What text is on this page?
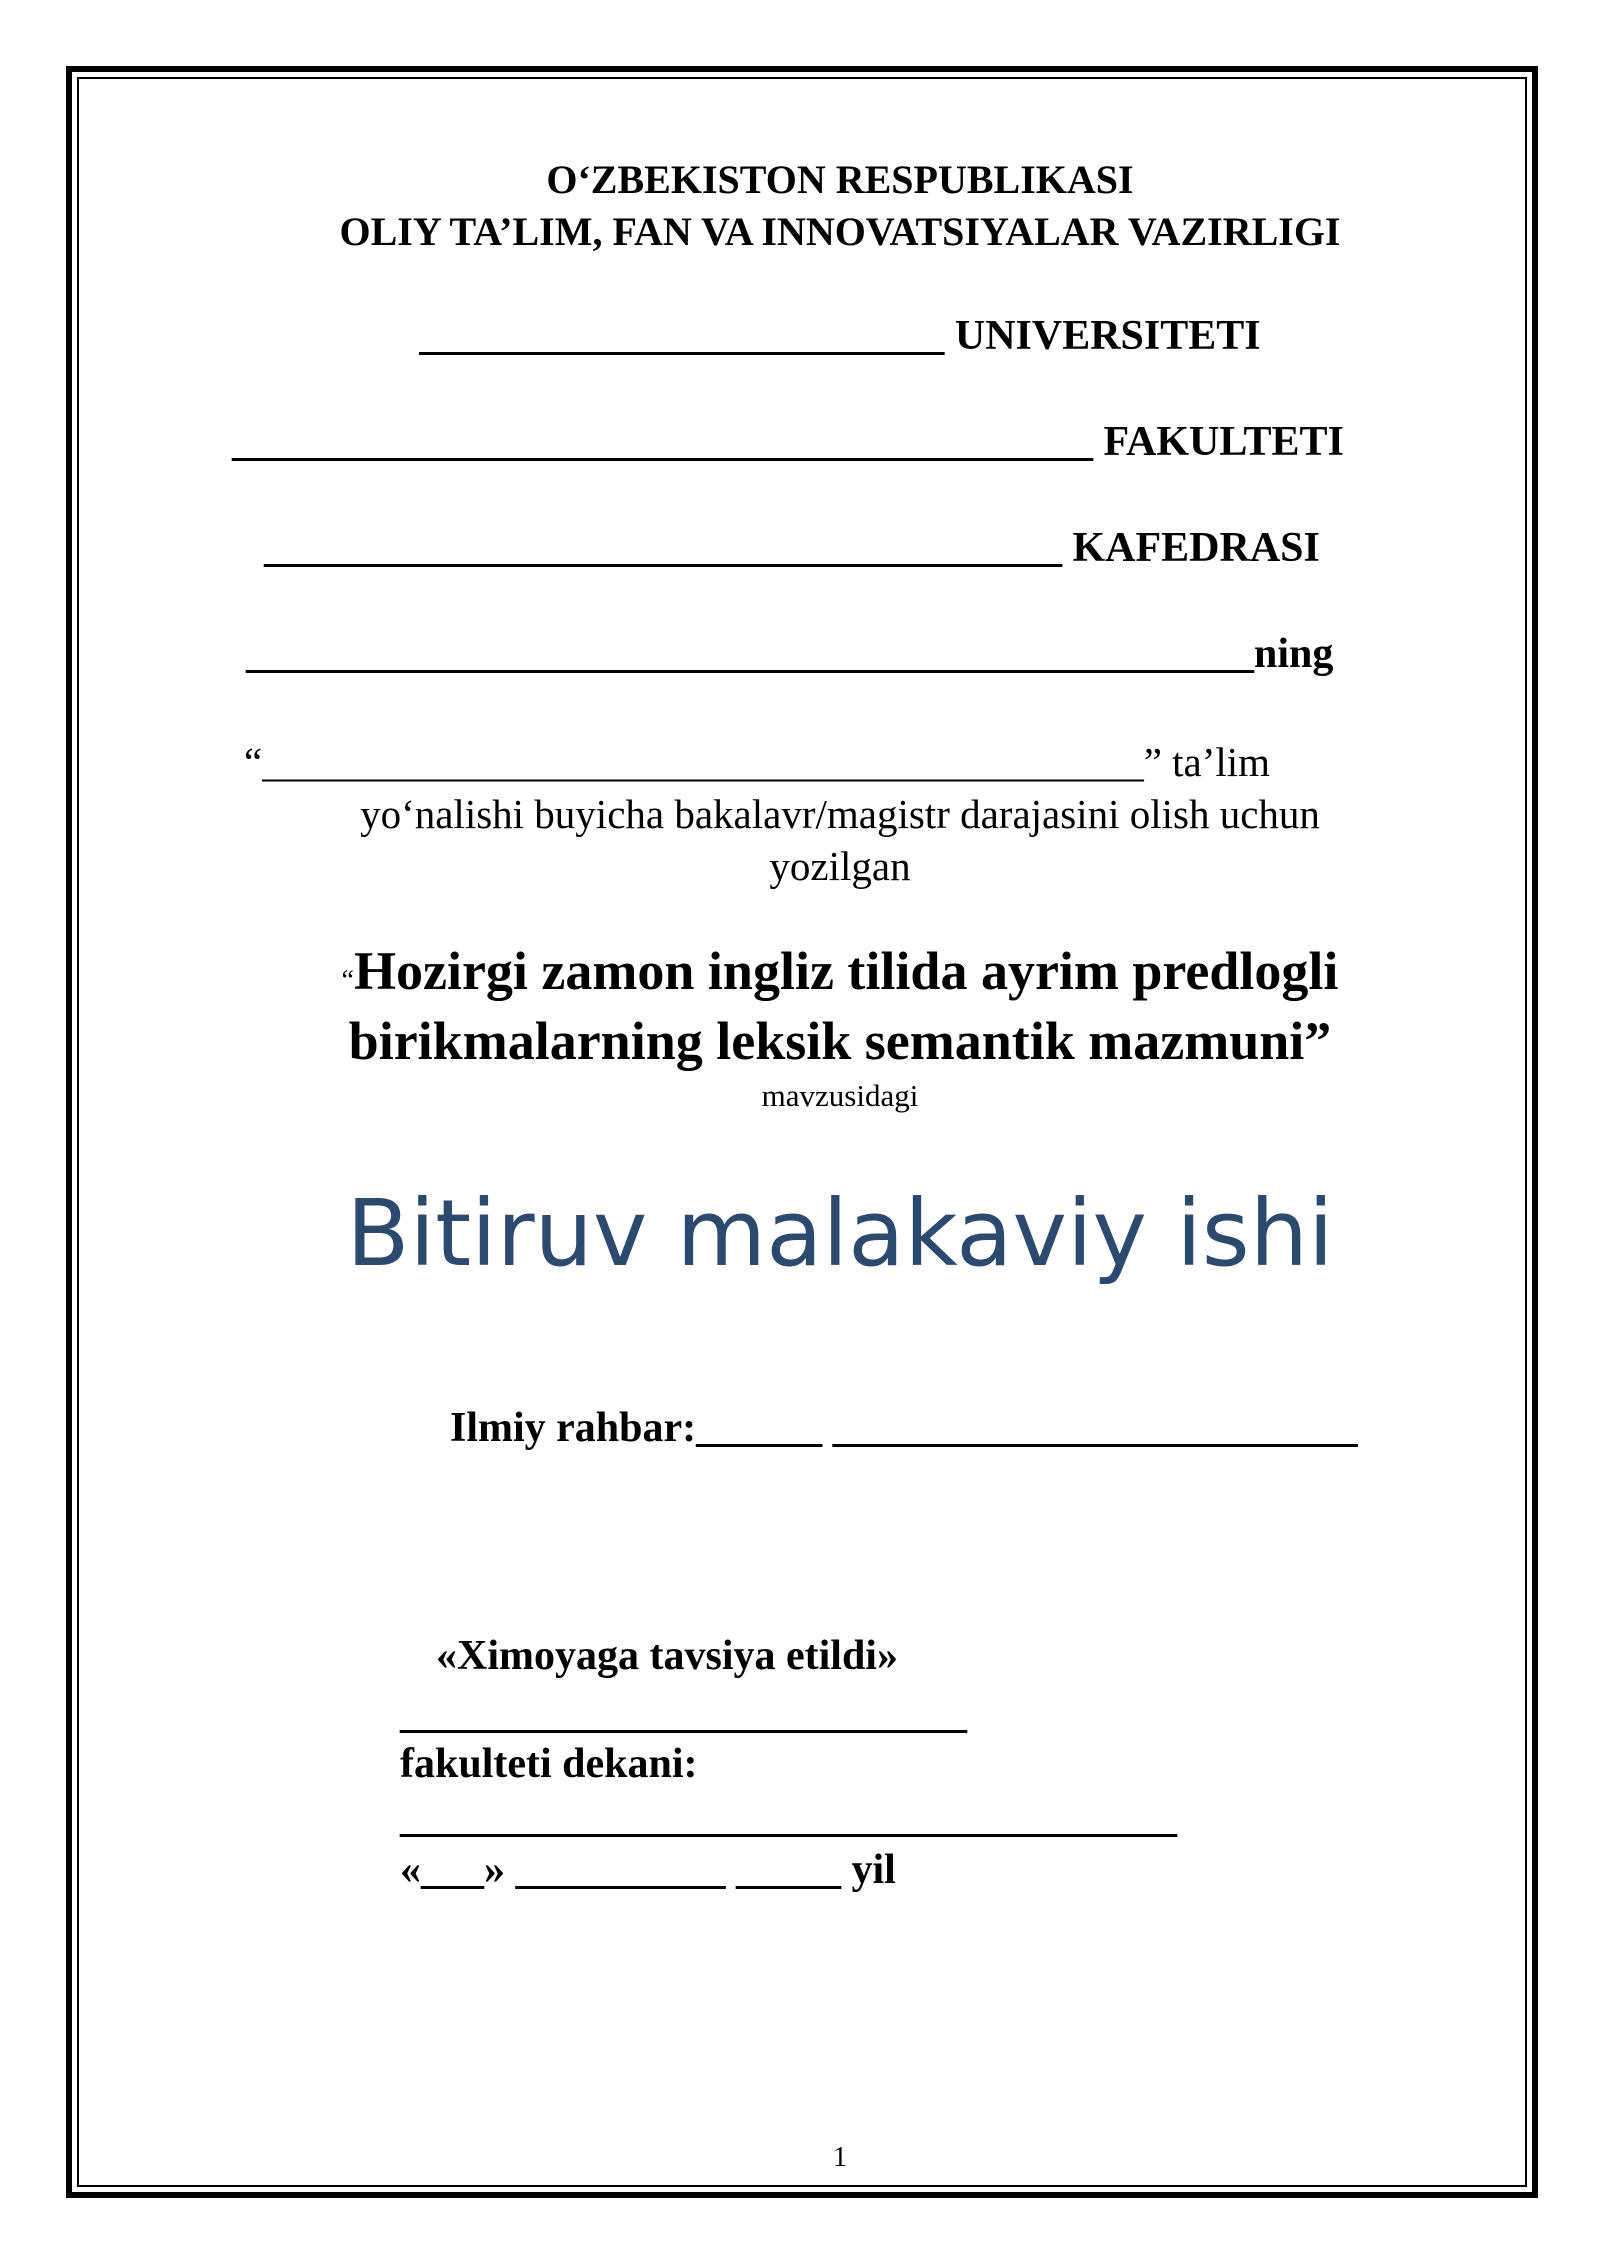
O‘ZBEKISTON RESPUBLIKASI
OLIY TA’LIM, FAN VA INNOVATSIYALAR VAZIRLIGI
_________________________ UNIVERSITETI
_________________________________________ FAKULTETI
______________________________________ KAFEDRASI
________________________________________________ning
“___________________________________________” ta’lim
yo‘nalishi buyicha bakalavr/magistr darajasini olish uchun
yozilgan
“Hozirgi zamon ingliz tilida ayrim predlogli
birikmalarning leksik semantik mazmuni”
mavzusidagi
Bitiruv malakaviy ishi
Ilmiy rahbar:______ _________________________
«Ximoyaga tavsiya etildi»
___________________________
fakulteti dekani:
_____________________________________
«___» __________ _____ yil
1
